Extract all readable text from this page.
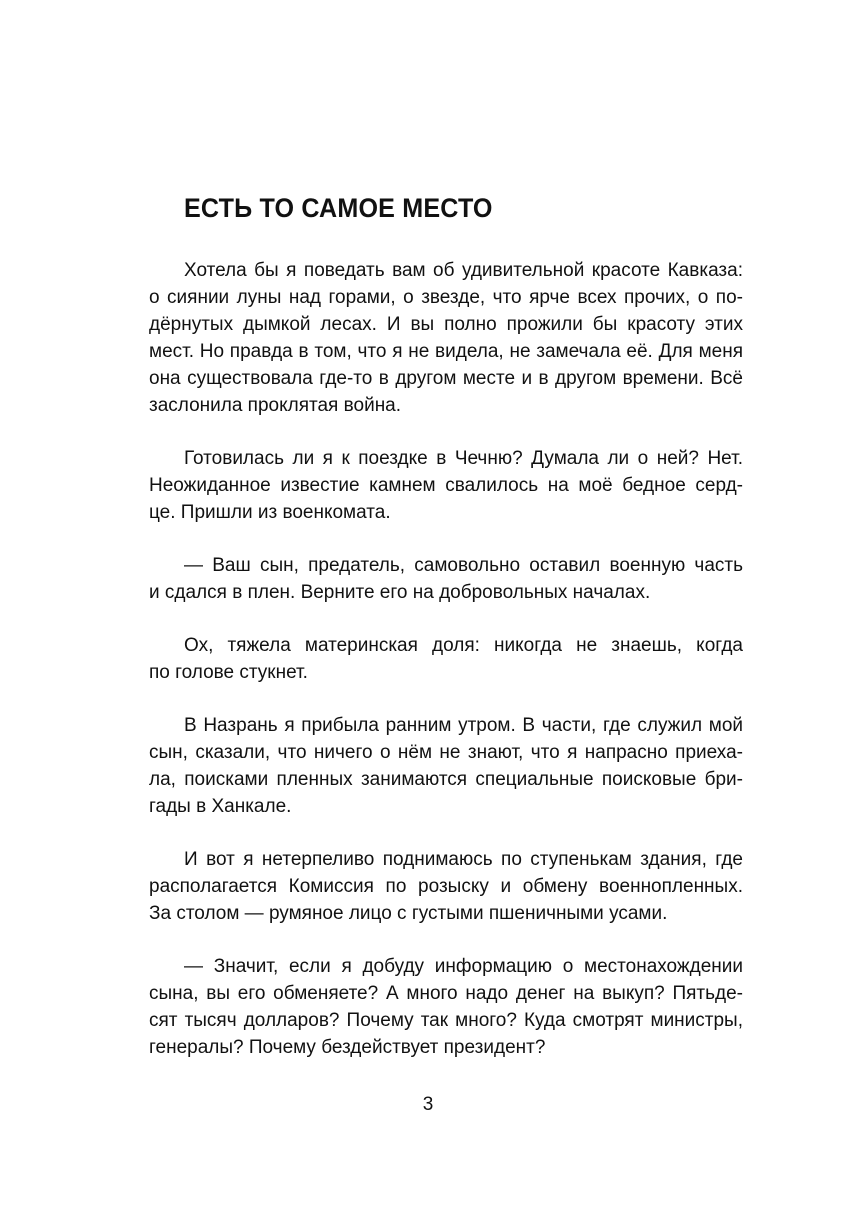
ЕСТЬ ТО САМОЕ МЕСТО

Хотела бы я поведать вам об удивительной красоте Кавказа:
о сиянии луны над горами, о звезде, что ярче всех прочих, о по-
дёрнутых дымкой лесах. И вы полно прожили бы красоту этих
мест. Но правда в том, что я не видела, не замечала её. Для меня
она существовала где-то в другом месте и в другом времени. Всё
заслонила проклятая война.

Готовилась ли я к поездке в Чечню? Думала ли о ней? Нет.
Неожиданное известие камнем свалилось на моё бедное серд-
це. Пришли из военкомата.

— Ваш сын, предатель, самовольно оставил военную часть
и сдался в плен. Верните его на добровольных началах.

Ох, тяжела материнская доля: никогда не знаешь, когда
по голове стукнет.

В Назрань я прибыла ранним утром. В части, где служил мой
сын, сказали, что ничего о нём не знают, что я напрасно приеха-
ла, поисками пленных занимаются специальные поисковые бри-
гады в Ханкале.

И вот я нетерпеливо поднимаюсь по ступенькам здания, где
располагается Комиссия по розыску и обмену военнопленных.
За столом — румяное лицо с густыми пшеничными усами.

— Значит, если я добуду информацию о местонахождении
сына, вы его обменяете? А много надо денег на выкуп? Пятьде-
сят тысяч долларов? Почему так много? Куда смотрят министры,
генералы? Почему бездействует президент?

3
